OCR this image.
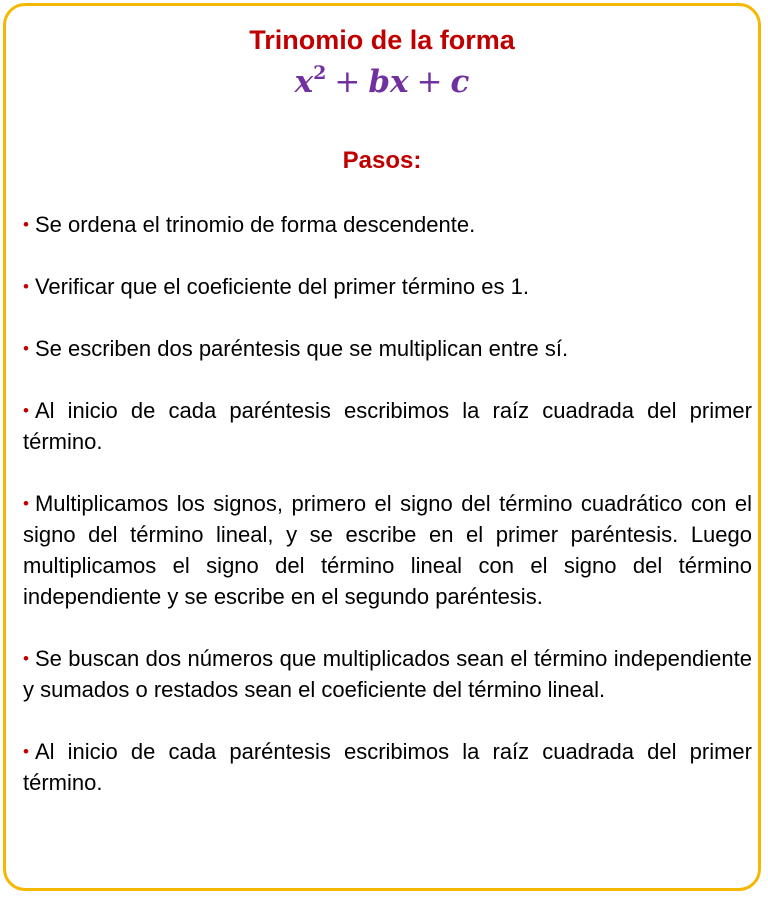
Trinomio de la forma
$x^2$ + bx + c
Pasos:

• Se ordena el trinomio de forma descendente.

• Verificar que el coeficiente del primer término es 1.

• Se escriben dos paréntesis que se multiplican entre sí.

• Al inicio de cada paréntesis escribimos la raíz cuadrada del primer término.

• Multiplicamos los signos, primero el signo del término cuadrático con el signo del término lineal, y se escribe en el primer paréntesis. Luego multiplicamos el signo del término lineal con el signo del término independiente y se escribe en el segundo paréntesis.

• Se buscan dos números que multiplicados sean el término independiente y sumados o restados sean el coeficiente del término lineal.

• Al inicio de cada paréntesis escribimos la raíz cuadrada del primer término.
